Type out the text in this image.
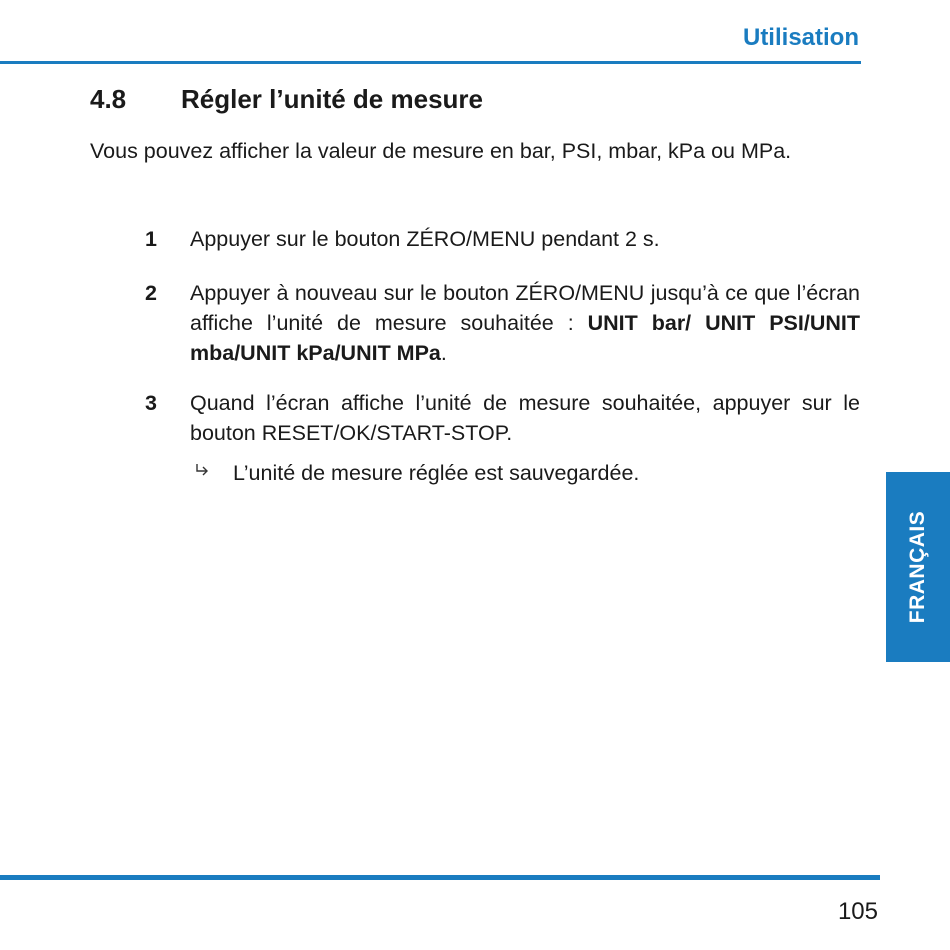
Utilisation
4.8 Régler l’unité de mesure
Vous pouvez afficher la valeur de mesure en bar, PSI, mbar, kPa ou MPa.
1 Appuyer sur le bouton ZÉRO/MENU pendant 2 s.
2 Appuyer à nouveau sur le bouton ZÉRO/MENU jusqu’à ce que l’écran affiche l’unité de mesure souhaitée : UNIT bar/ UNIT PSI/UNIT mba/UNIT kPa/UNIT MPa.
3 Quand l’écran affiche l’unité de mesure souhaitée, appuyer sur le bouton RESET/OK/START-STOP.
L’unité de mesure réglée est sauvegardée.
FRANÇAIS
105
